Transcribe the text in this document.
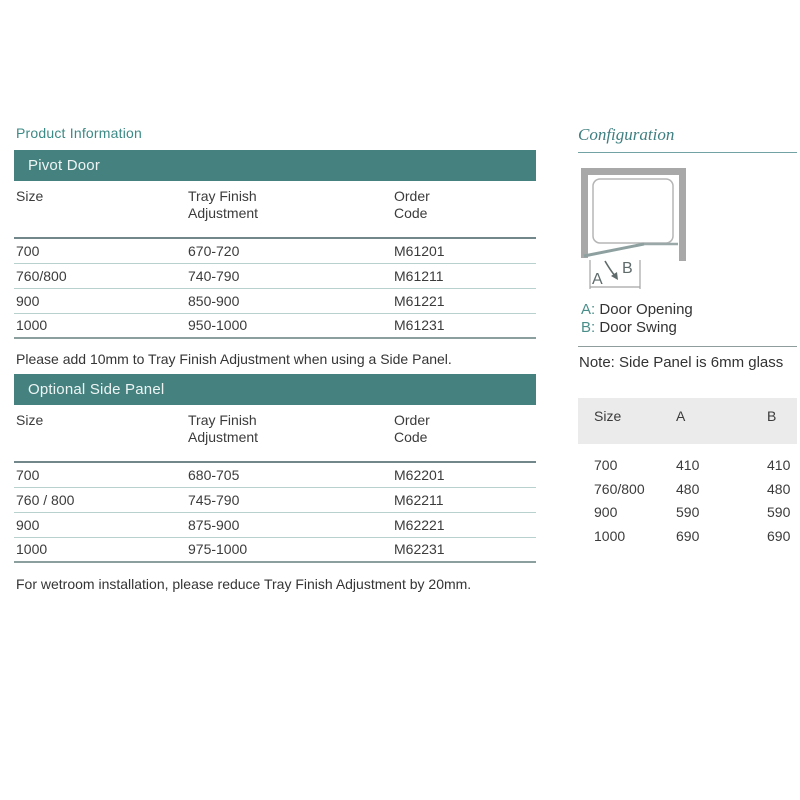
Product Information
Pivot Door
Size	Tray Finish Adjustment	Order Code

700	670-720	M61201
760/800	740-790	M61211
900	850-900	M61221
1000	950-1000	M61231

Please add 10mm to Tray Finish Adjustment when using a Side Panel.

Optional Side Panel
Size	Tray Finish Adjustment	Order Code

700	680-705	M62201
760 / 800	745-790	M62211
900	875-900	M62221
1000	975-1000	M62231

For wetroom installation, please reduce Tray Finish Adjustment by 20mm.

Configuration
A
B
A: Door Opening
B: Door Swing
Note: Side Panel is 6mm glass
Size	A	B
700	410	410
760/800	480	480
900	590	590
1000	690	690
